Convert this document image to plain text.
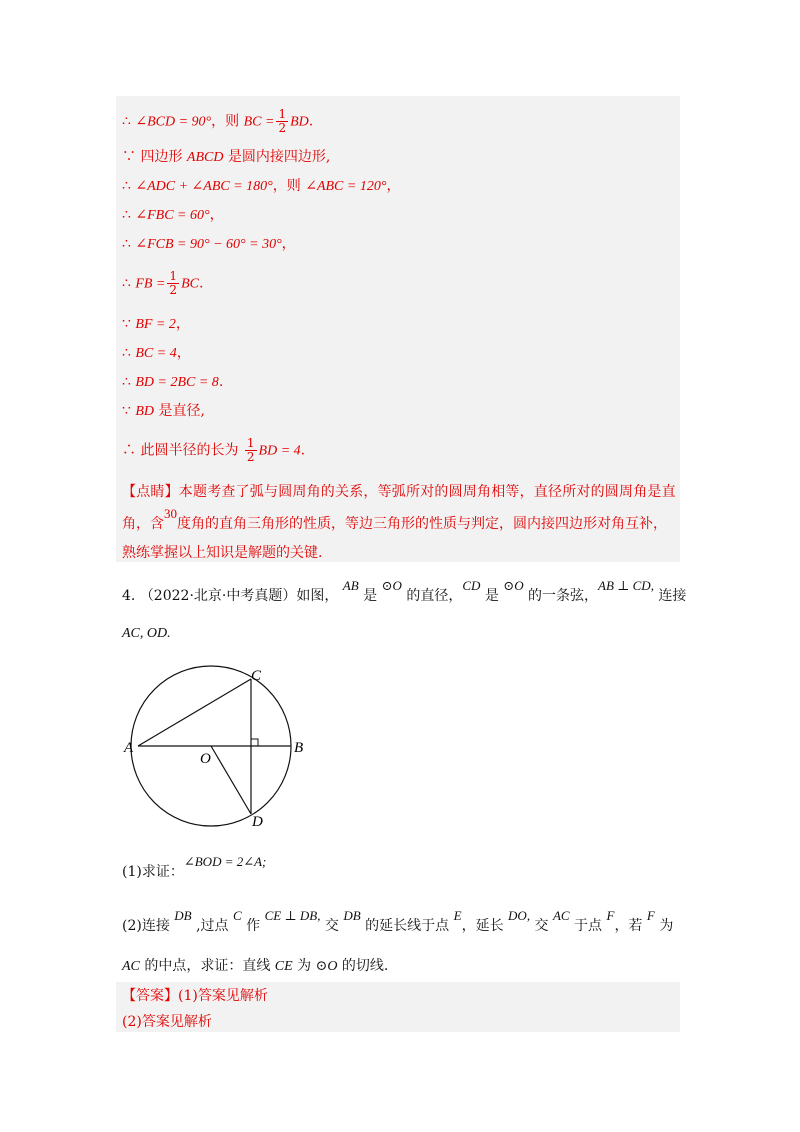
∴ ∠BCD = 90°，则 BC = $\frac{1}{2}$ BD.
∵ 四边形 ABCD 是圆内接四边形,
∴ ∠ADC + ∠ABC = 180°，则 ∠ABC = 120°，
∴ ∠FBC = 60°，
∴ ∠FCB = 90° − 60° = 30°，
∴ FB = $\frac{1}{2}$ BC.
∵ BF = 2，
∴ BC = 4，
∴ BD = 2BC = 8.
∵ BD 是直径,
∴ 此圆半径的长为 $\frac{1}{2}$ BD = 4.
【点睛】本题考查了弧与圆周角的关系，等弧所对的圆周角相等，直径所对的圆周角是直
角，含30度角的直角三角形的性质，等边三角形的性质与判定，圆内接四边形对角互补，
熟练掌握以上知识是解题的关键.
4. （2022·北京·中考真题）如图， AB 是 ⊙O 的直径，CD 是 ⊙O 的一条弦，AB ⊥ CD, 连接
AC, OD.
A	B
C
D
O
(1)求证：∠BOD = 2∠A;
(2)连接 DB ,过点 C 作 CE ⊥ DB, 交 DB 的延长线于点 E，延长 DO, 交 AC 于点 F，若 F 为
AC 的中点，求证：直线 CE 为 ⊙O 的切线.
【答案】(1)答案见解析
(2)答案见解析
